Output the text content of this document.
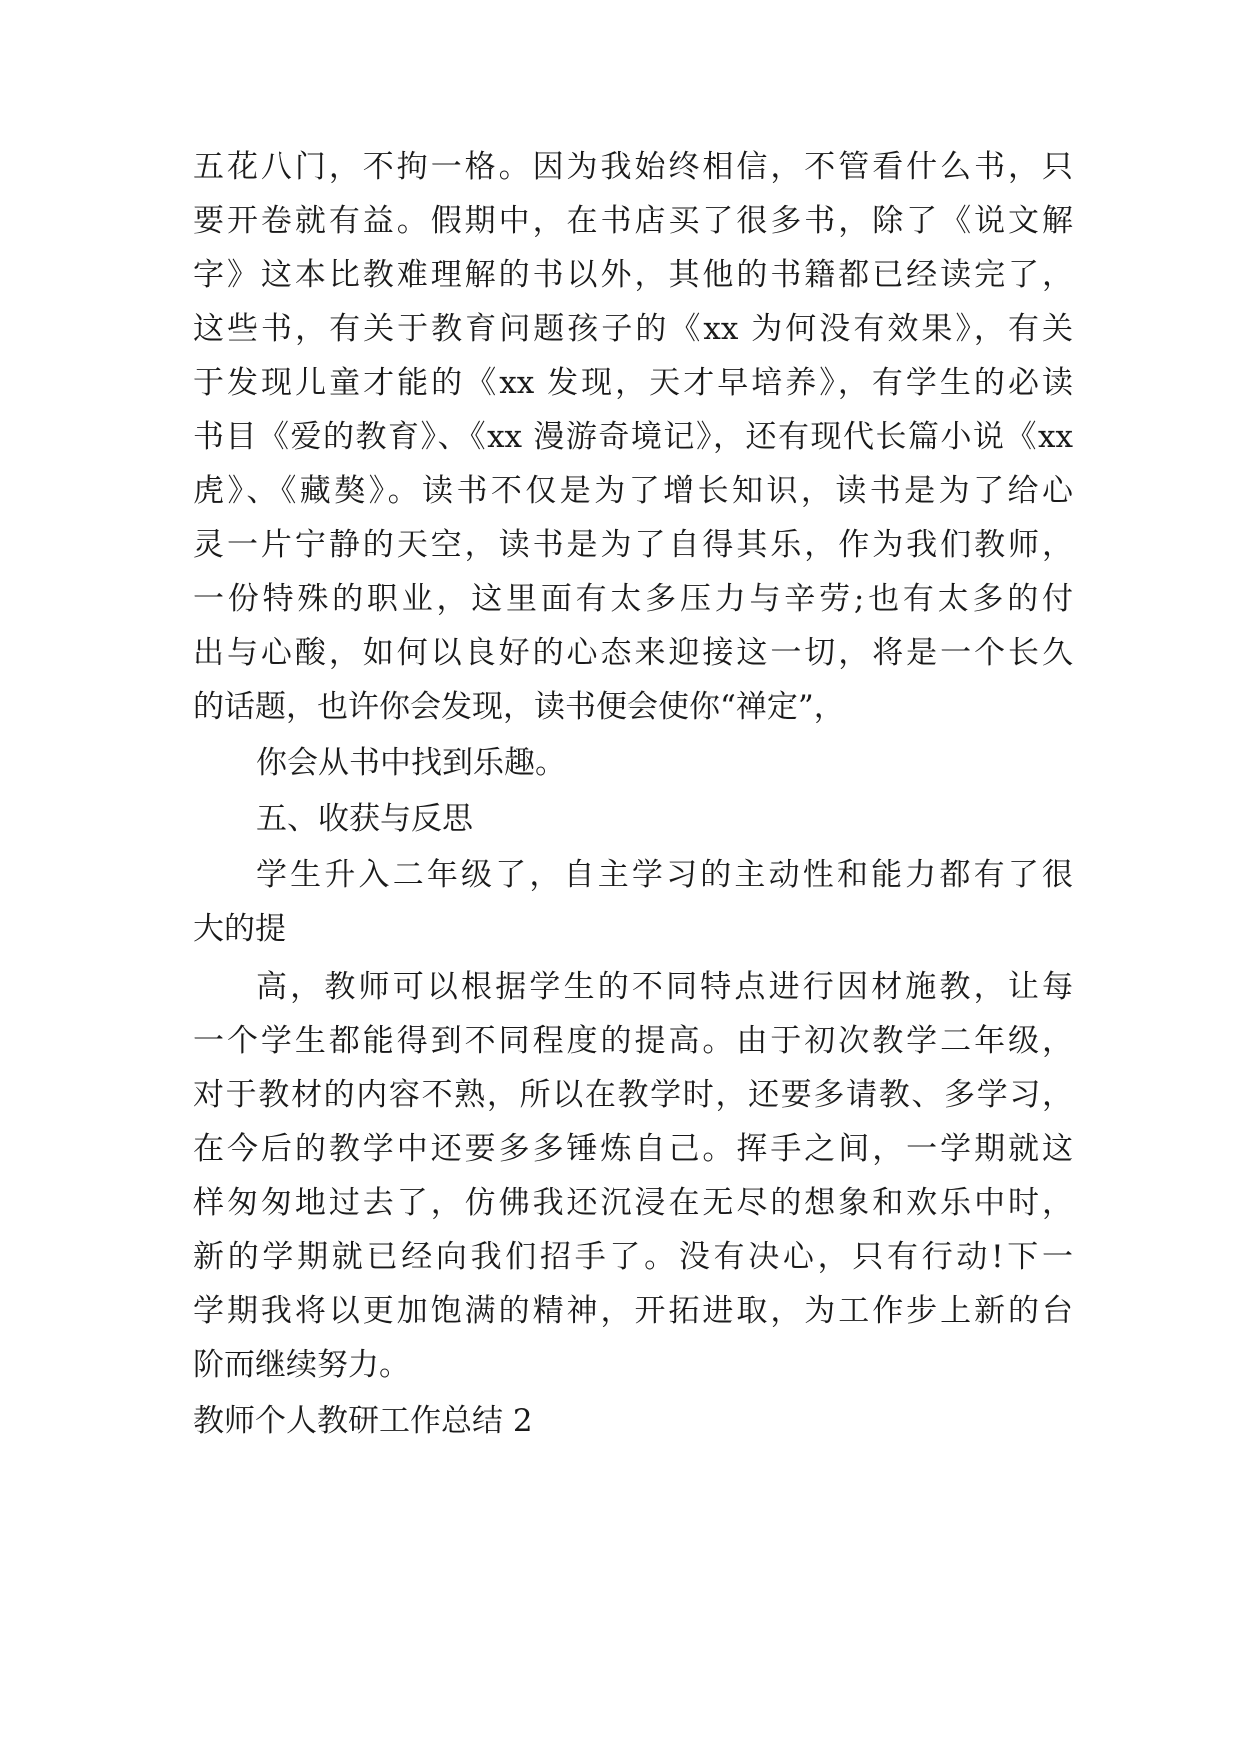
五花八门，不拘一格。因为我始终相信，不管看什么书，只
要开卷就有益。假期中，在书店买了很多书，除了《说文解
字》这本比教难理解的书以外，其他的书籍都已经读完了，
这些书，有关于教育问题孩子的《xx 为何没有效果》，有关
于发现儿童才能的《xx 发现，天才早培养》，有学生的必读
书目《爱的教育》、《xx 漫游奇境记》，还有现代长篇小说《xx
虎》、《藏獒》。读书不仅是为了增长知识，读书是为了给心
灵一片宁静的天空，读书是为了自得其乐，作为我们教师，
一份特殊的职业，这里面有太多压力与辛劳;也有太多的付
出与心酸，如何以良好的心态来迎接这一切，将是一个长久
的话题，也许你会发现，读书便会使你“禅定”，
你会从书中找到乐趣。
五、收获与反思
学生升入二年级了，自主学习的主动性和能力都有了很
大的提
高，教师可以根据学生的不同特点进行因材施教，让每
一个学生都能得到不同程度的提高。由于初次教学二年级，
对于教材的内容不熟，所以在教学时，还要多请教、多学习，
在今后的教学中还要多多锤炼自己。挥手之间，一学期就这
样匆匆地过去了，仿佛我还沉浸在无尽的想象和欢乐中时，
新的学期就已经向我们招手了。没有决心，只有行动!下一
学期我将以更加饱满的精神，开拓进取，为工作步上新的台
阶而继续努力。
教师个人教研工作总结 2
